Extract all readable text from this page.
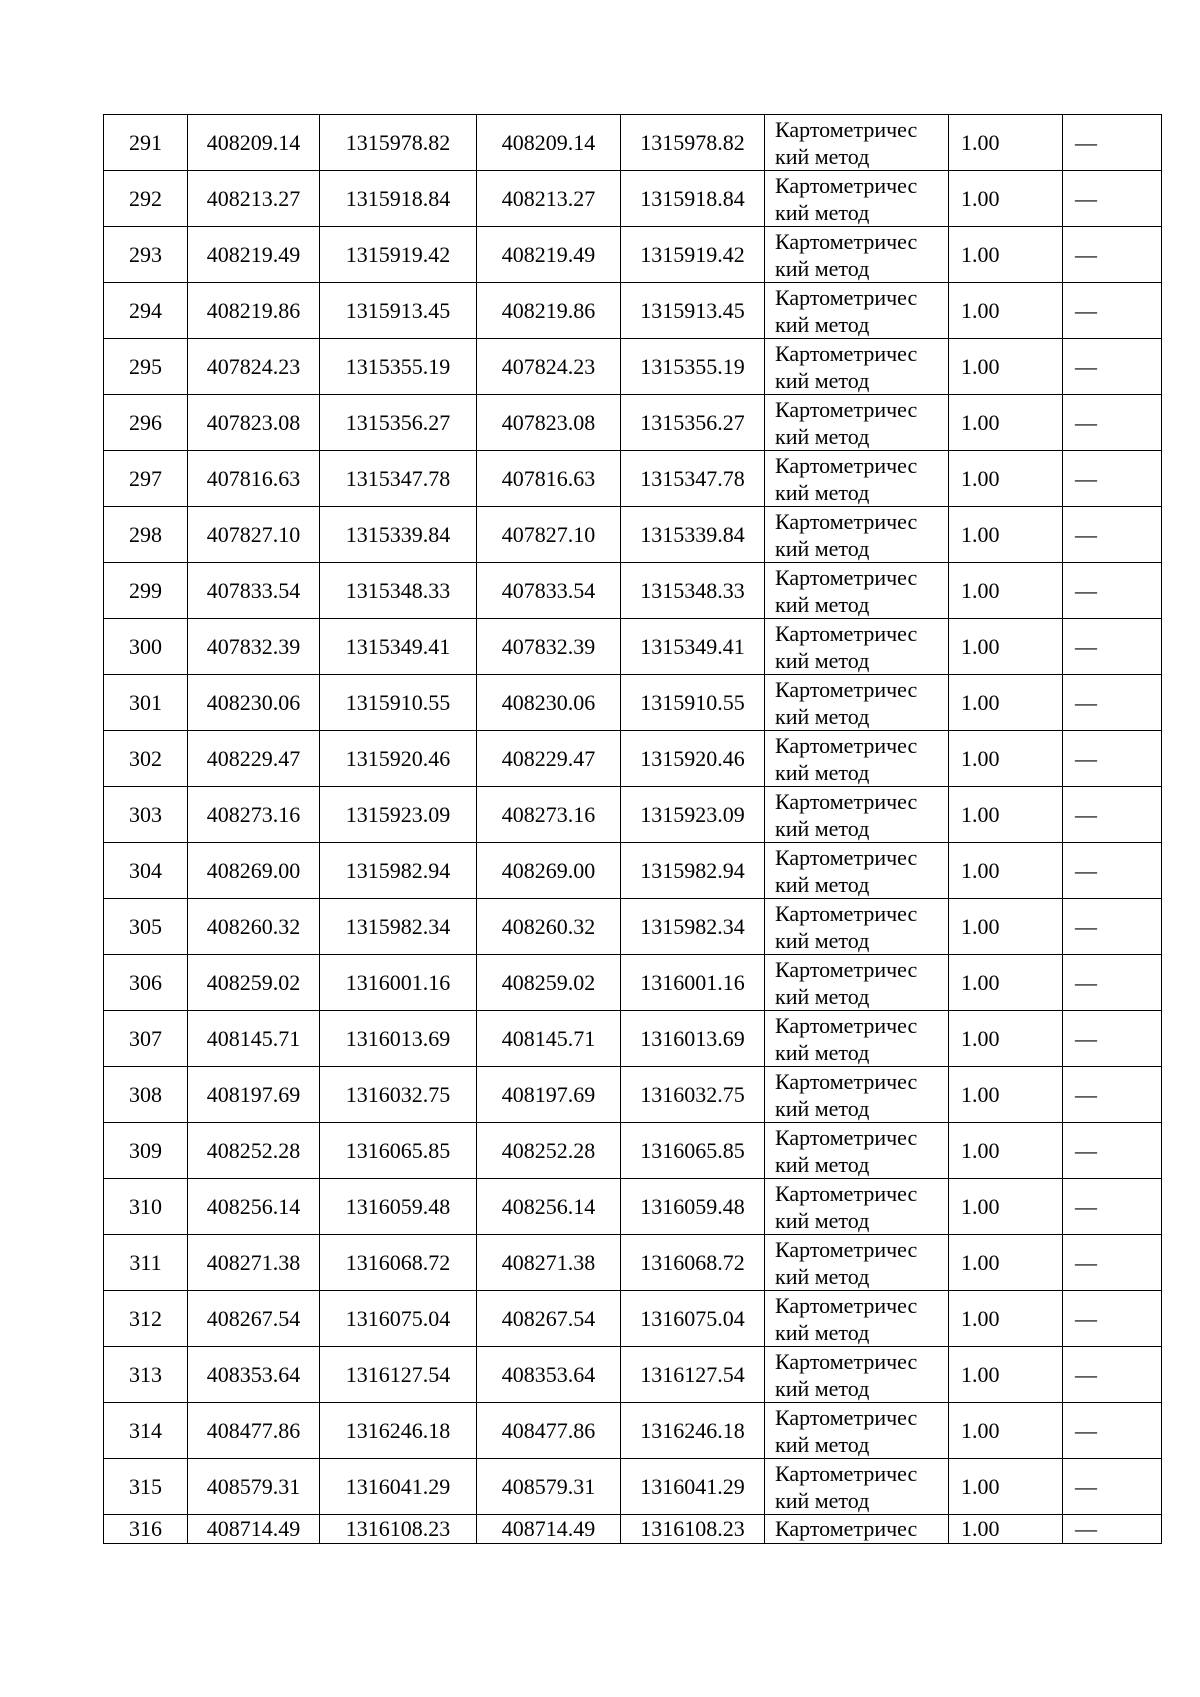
291	408209.14	1315978.82	408209.14	1315978.82	Картометричес
кий метод	1.00	—
292	408213.27	1315918.84	408213.27	1315918.84	Картометричес
кий метод	1.00	—
293	408219.49	1315919.42	408219.49	1315919.42	Картометричес
кий метод	1.00	—
294	408219.86	1315913.45	408219.86	1315913.45	Картометричес
кий метод	1.00	—
295	407824.23	1315355.19	407824.23	1315355.19	Картометричес
кий метод	1.00	—
296	407823.08	1315356.27	407823.08	1315356.27	Картометричес
кий метод	1.00	—
297	407816.63	1315347.78	407816.63	1315347.78	Картометричес
кий метод	1.00	—
298	407827.10	1315339.84	407827.10	1315339.84	Картометричес
кий метод	1.00	—
299	407833.54	1315348.33	407833.54	1315348.33	Картометричес
кий метод	1.00	—
300	407832.39	1315349.41	407832.39	1315349.41	Картометричес
кий метод	1.00	—
301	408230.06	1315910.55	408230.06	1315910.55	Картометричес
кий метод	1.00	—
302	408229.47	1315920.46	408229.47	1315920.46	Картометричес
кий метод	1.00	—
303	408273.16	1315923.09	408273.16	1315923.09	Картометричес
кий метод	1.00	—
304	408269.00	1315982.94	408269.00	1315982.94	Картометричес
кий метод	1.00	—
305	408260.32	1315982.34	408260.32	1315982.34	Картометричес
кий метод	1.00	—
306	408259.02	1316001.16	408259.02	1316001.16	Картометричес
кий метод	1.00	—
307	408145.71	1316013.69	408145.71	1316013.69	Картометричес
кий метод	1.00	—
308	408197.69	1316032.75	408197.69	1316032.75	Картометричес
кий метод	1.00	—
309	408252.28	1316065.85	408252.28	1316065.85	Картометричес
кий метод	1.00	—
310	408256.14	1316059.48	408256.14	1316059.48	Картометричес
кий метод	1.00	—
311	408271.38	1316068.72	408271.38	1316068.72	Картометричес
кий метод	1.00	—
312	408267.54	1316075.04	408267.54	1316075.04	Картометричес
кий метод	1.00	—
313	408353.64	1316127.54	408353.64	1316127.54	Картометричес
кий метод	1.00	—
314	408477.86	1316246.18	408477.86	1316246.18	Картометричес
кий метод	1.00	—
315	408579.31	1316041.29	408579.31	1316041.29	Картометричес
кий метод	1.00	—
316	408714.49	1316108.23	408714.49	1316108.23	Картометричес	1.00	—
